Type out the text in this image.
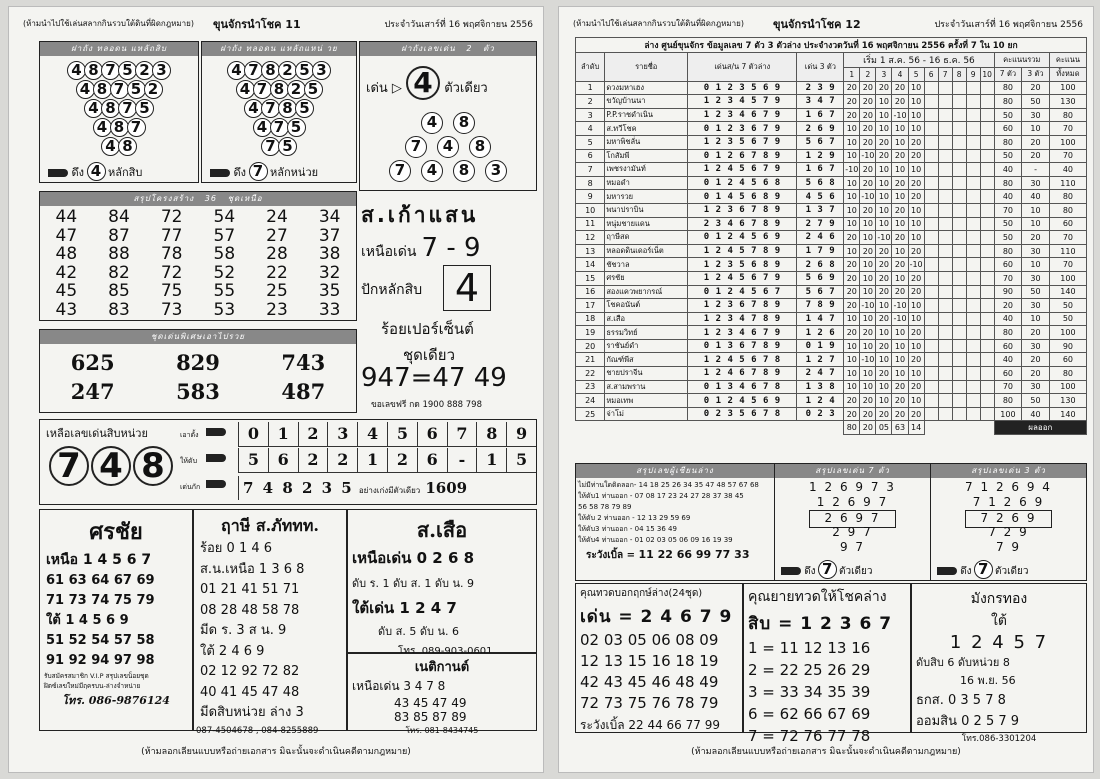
(ห้ามนำไปใช้เล่นสลากกินรวบใต้ดินที่ผิดกฎหมาย) ขุนจักรนำโชค 11	ประจำวันเสาร์ที่ 16 พฤศจิกายน 2556
ฝาถัง ทลอดน แหลัถสิบ
4 8 7 5 2 3
4 8 7 5 2
4 8 7 5
4 8 7
4 8
ดึง 4 หลักสิบ
ฝาถัง ทลอดน แหลัถแหน่ วย
4 7 8 2 5 3
4 7 8 2 5
4 7 8 5
4 7 5
7 5
ดึง 7 หลักหน่วย
ฝาถังเลขเด่น 2 ตัว
เด่น ▷ 4 ตัวเดียว
4 8
7 4 8
7 4 8 3
สรุปโครงสร้าง 36 ชุดเหนือ
44	84	72	54	24	34
47	87	77	57	27	37
48	88	78	58	28	38
42	82	72	52	22	32
45	85	75	55	25	35
43	83	73	53	23	33
ส.เก้าแสน
เหนือเด่น 7 - 9
ปักหลักสิบ 4
ร้อยเปอร์เซ็นต์
ชุดเดียว
947=47 49
ขอเลขฟรี กด 1900 888 798
ชุดเด่นพิเศษเอาไปรวย
625	829	743
247	583	487
เหลือเลขเด่นสิบหน่วย
7 4 8
เอาตั้ง
ให้ดับ
เด่นกัก
0	1	2	3	4	5	6	7	8	9
5	6	2	2	1	2	6	-	1	5
7 4 8 2 3 5 อย่างเก่งมีตัวเดียว 1609
ศรชัย
เหนือ 1 4 5 6 7
61 63 64 67 69
71 73 74 75 79
ใต้ 1 4 5 6 9
51 52 54 57 58
91 92 94 97 98
รับสมัครสมาชิก V.I.P สรุปเลขน็อยชุด
ฝิตซ์เลขใหม่มีฤครบน-ล่างจำหน่าย
โทร. 086-9876124
ฤาษี ส.ภัททท.
ร้อย 0 1 4 6
ส.น.เหนือ 1 3 6 8
01 21 41 51 71
08 28 48 58 78
มีด ร. 3 ส น. 9
ใต้ 2 4 6 9
02 12 92 72 82
40 41 45 47 48
มีดสิบหน่วย ล่าง 3
087-4504678 , 084-8255889
ส.เสือ
เหนือเด่น 0 2 6 8
ดับ ร. 1 ดับ ส. 1 ดับ น. 9
ใต้เด่น 1 2 4 7
ดับ ส. 5 ดับ น. 6
โทร. 089-903-0601
เนติกานต์
เหนือเด่น 3 4 7 8
43 45 47 49
83 85 87 89
โทร. 081-8434745
(ห้ามลอกเลียนแบบหรือถ่ายเอกสาร มิฉะนั้นจะดำเนินคดีตามกฎหมาย)
(ห้ามนำไปใช้เล่นสลากกินรวบใต้ดินที่ผิดกฎหมาย)	ขุนจักรนำโชค 12	ประจำวันเสาร์ที่ 16 พฤศจิกายน 2556
ล่าง ศูนย์ขุนจักร ข้อมูลเลข 7 ตัว 3 ตัวล่าง ประจำงวดวันที่ 16 พฤศจิกายน 2556 ครั้งที่ 7 ใน 10 ยก																
ลำดับ	รายชื่อ	เด่นส/น 7 ตัวล่าง	เด่น 3 ตัว	เริ่ม 1 ส.ค. 56 - 16 ธ.ค. 56										คะแนนรวม		คะแนน
				1	2	3	4	5	6	7	8	9	10	7 ตัว	3 ตัว	ทั้งหมด
1	ดวงมหาเฮง	0 1 2 3 5 6 9	2 3 9	20	20	20	20	10						80	20	100
2	ขวัญบ้านนา	1 2 3 4 5 7 9	3 4 7	20	20	10	20	10						80	50	130
3	P.P.ราชดำเนิน	1 2 3 4 6 7 9	1 6 7	20	20	10	-10	10						50	30	80
4	ส.ทวีโชค	0 1 2 3 6 7 9	2 6 9	10	20	10	10	10						60	10	70
5	มหาพิชลั่น	1 2 3 5 6 7 9	5 6 7	10	20	20	10	20						80	20	100
6	โกสัมพี	0 1 2 6 7 8 9	1 2 9	10	-10	20	20	20						50	20	70
7	เพชรงามันท์	1 2 4 5 6 7 9	1 6 7	-10	20	10	10	10						40	-	40
8	หมอดำ	0 1 2 4 5 6 8	5 6 8	10	20	10	20	20						80	30	110
9	มหารวย	0 1 4 5 6 8 9	4 5 6	10	-10	10	10	20						40	40	80
10	พนาปราบิน	1 2 3 6 7 8 9	1 3 7	10	20	10	20	10						70	10	80
11	หนุ่มชายแดน	2 3 4 6 7 8 9	2 7 9	10	10	10	10	10						50	10	60
12	ฤาษีสด	0 1 2 4 5 6 9	2 4 6	20	10	-10	20	10						50	20	70
13	หลอดดินเดอร์เน็ต	1 2 4 5 7 8 9	1 7 9	10	20	20	10	20						80	30	110
14	ชัชวาล	1 2 3 5 6 8 9	2 6 8	20	10	20	20	-10						60	10	70
15	ศรชัย	1 2 4 5 6 7 9	5 6 9	20	10	20	10	20						70	30	100
16	สองแควพยากรณ์	0 1 2 4 5 6 7	5 6 7	20	10	20	20	20						90	50	140
17	โชคอนันต์	1 2 3 6 7 8 9	7 8 9	20	-10	10	-10	10						20	30	50
18	ส.เสือ	1 2 3 4 7 8 9	1 4 7	10	10	20	-10	10						40	10	50
19	ธรรมวิทย์	1 2 3 4 6 7 9	1 2 6	20	20	10	10	20						80	20	100
20	ราชันย์ดำ	0 1 3 6 7 8 9	0 1 9	10	10	20	10	10						60	30	90
21	กัณฑ์พีส	1 2 4 5 6 7 8	1 2 7	10	-10	10	10	20						40	20	60
22	ชายปราจีน	1 2 4 6 7 8 9	2 4 7	10	10	20	10	10						60	20	80
23	ส.สามพราน	0 1 3 4 6 7 8	1 3 8	10	10	10	20	20						70	30	100
24	หมอเทพ	0 1 2 4 5 6 9	1 2 4	20	20	10	20	10						80	50	130
25	จ่าโม่	0 2 3 5 6 7 8	0 2 3	20	20	20	20	20						100	40	140
				80	20	05	63	14						ผลออก		
สรุปเลขผู้เซียนล่าง
ไม่มีท่านใดติดลอก- 14 18 25 26 34 35 47 48 57 67 68
ให้ดับ1 ท่านออก - 07 08 17 23 24 27 28 37 38 45
56 58 78 79 89
ให้ดับ 2 ท่านออก - 12 13 29 59 69
ให้ดับ3 ท่านออก - 04 15 36 49
ให้ดับ4 ท่านออก - 01 02 03 05 06 09 16 19 39
ระวังเบิ้ล = 11 22 66 99 77 33
สรุปเลขเด่น 7 ตัว
1 2 6 9 7 3
1 2 6 9 7
2 6 9 7
2 9 7
9 7
ดึง 7 ตัวเดียว
สรุปเลขเด่น 3 ตัว
7 1 2 6 9 4
7 1 2 6 9
7 2 6 9
7 2 9
7 9
ดึง 7 ตัวเดียว
คุณทวดบอกฤกษ์ล่าง(24ชุด)
เด่น = 2 4 6 7 9
02 03 05 06 08 09
12 13 15 16 18 19
42 43 45 46 48 49
72 73 75 76 78 79
ระวังเบิ้ล 22 44 66 77 99
คุณยายทวดให้โชคล่าง
สิบ = 1 2 3 6 7
1 = 11 12 13 16
2 = 22 25 26 29
3 = 33 34 35 39
6 = 62 66 67 69
7 = 72 76 77 78
มังกรทอง
ใต้
1 2 4 5 7
ดับสิบ 6 ดับหน่วย 8
16 พ.ย. 56
ธกส. 0 3 5 7 8
ออมสิน 0 2 5 7 9
โทร.086-3301204
(ห้ามลอกเลียนแบบหรือถ่ายเอกสาร มิฉะนั้นจะดำเนินคดีตามกฎหมาย)
